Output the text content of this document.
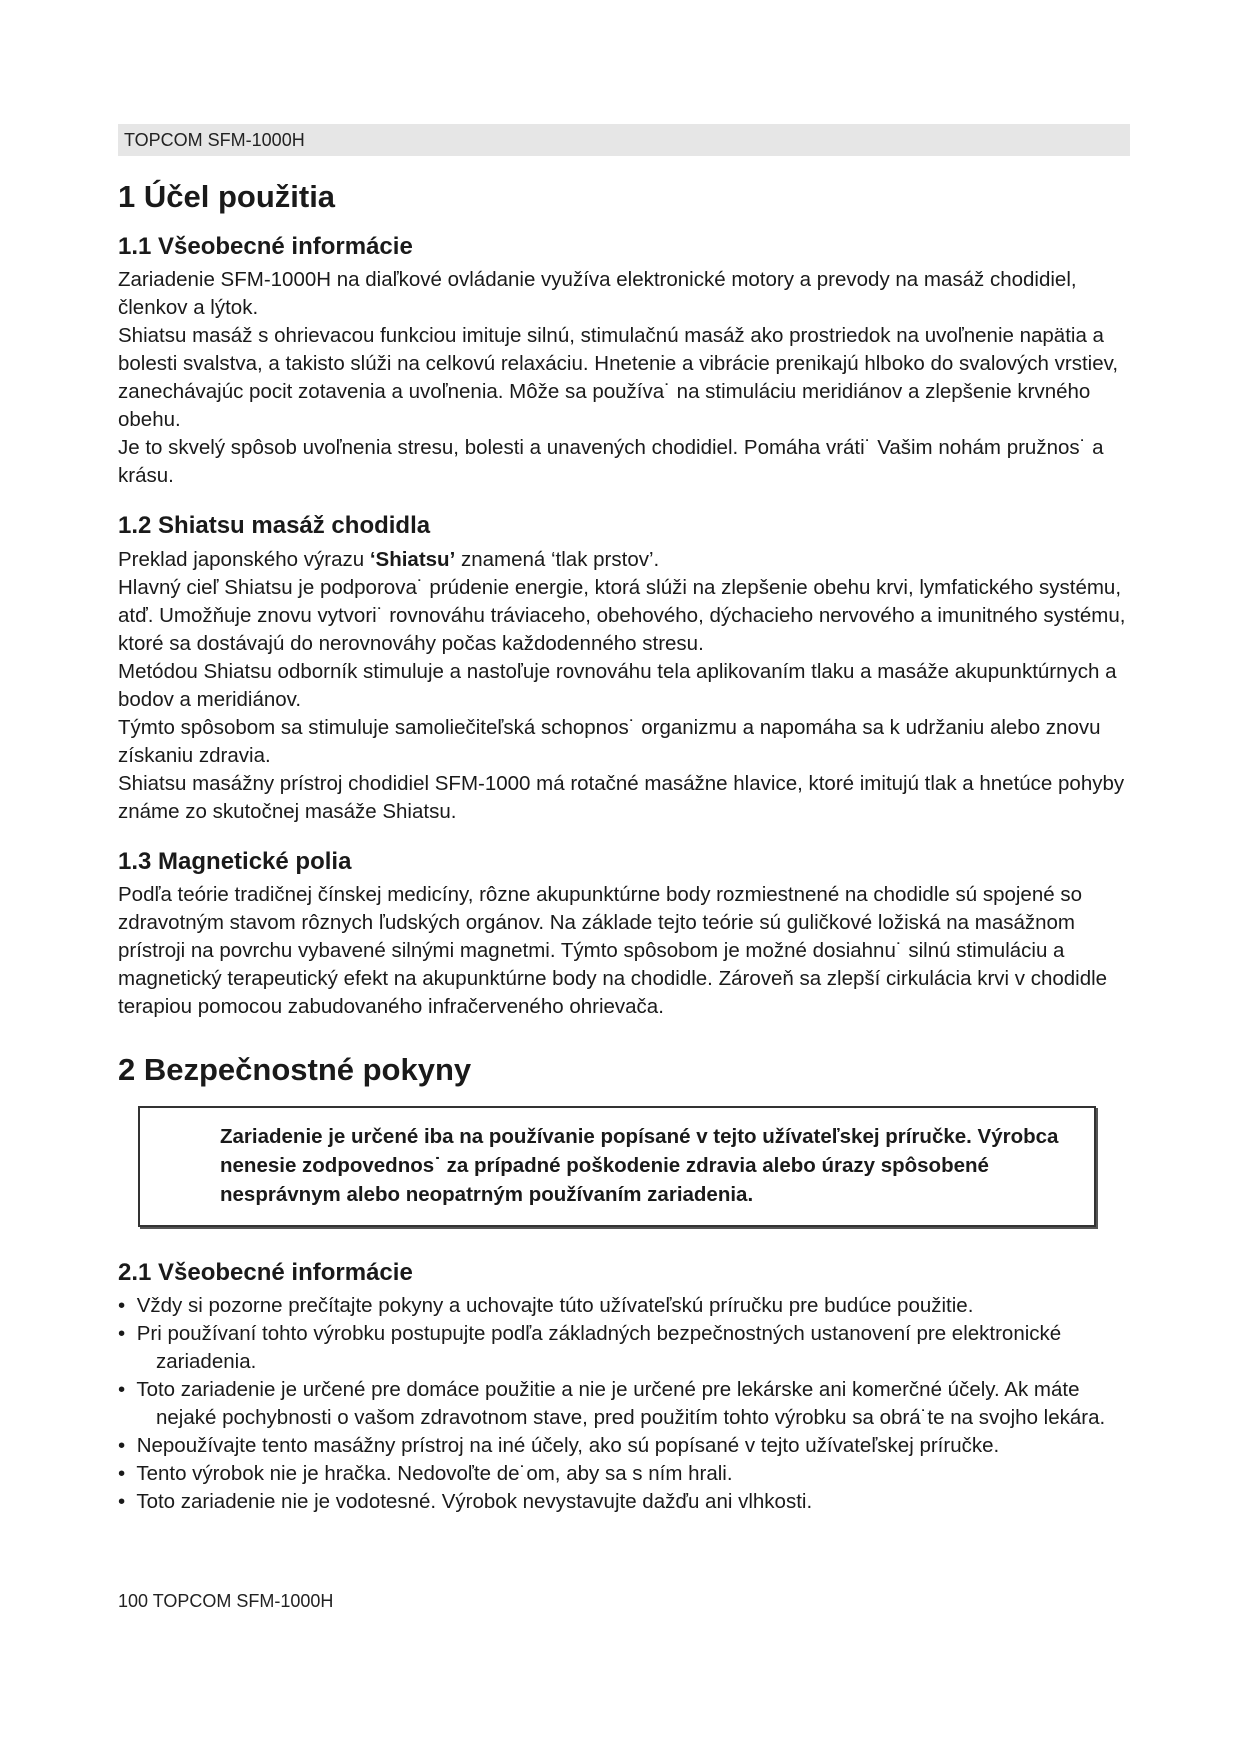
TOPCOM SFM-1000H
1 Účel použitia
1.1 Všeobecné informácie

Zariadenie SFM-1000H na diaľkové ovládanie využíva elektronické motory a prevody na masáž chodidiel, členkov a lýtok.

Shiatsu masáž s ohrievacou funkciou imituje silnú, stimulačnú masáž ako prostriedok na uvoľnenie napätia a bolesti svalstva, a takisto slúži na celkovú relaxáciu. Hnetenie a vibrácie prenikajú hlboko do svalových vrstiev, zanechávajúc pocit zotavenia a uvoľnenia. Môže sa používa˙ na stimuláciu meridiánov a zlepšenie krvného obehu.

Je to skvelý spôsob uvoľnenia stresu, bolesti a unavených chodidiel. Pomáha vráti˙ Vašim nohám pružnos˙ a krásu.

1.2 Shiatsu masáž chodidla

Preklad japonského výrazu ‘Shiatsu’ znamená ‘tlak prstov’.

Hlavný cieľ Shiatsu je podporova˙ prúdenie energie, ktorá slúži na zlepšenie obehu krvi, lymfatického systému, atď. Umožňuje znovu vytvori˙ rovnováhu tráviaceho, obehového, dýchacieho nervového a imunitného systému, ktoré sa dostávajú do nerovnováhy počas každodenného stresu.

Metódou Shiatsu odborník stimuluje a nastoľuje rovnováhu tela aplikovaním tlaku a masáže akupunktúrnych a bodov a meridiánov.

Týmto spôsobom sa stimuluje samoliečiteľská schopnos˙ organizmu a napomáha sa k udržaniu alebo znovu získaniu zdravia.

Shiatsu masážny prístroj chodidiel SFM-1000 má rotačné masážne hlavice, ktoré imitujú tlak a hnetúce pohyby známe zo skutočnej masáže Shiatsu.

1.3 Magnetické polia

Podľa teórie tradičnej čínskej medicíny, rôzne akupunktúrne body rozmiestnené na chodidle sú spojené so zdravotným stavom rôznych ľudských orgánov. Na základe tejto teórie sú guličkové ložiská na masážnom prístroji na povrchu vybavené silnými magnetmi. Týmto spôsobom je možné dosiahnu˙ silnú stimuláciu a magnetický terapeutický efekt na akupunktúrne body na chodidle. Zároveň sa zlepší cirkulácia krvi v chodidle terapiou pomocou zabudovaného infračerveného ohrievača.

2 Bezpečnostné pokyny

Zariadenie je určené iba na používanie popísané v tejto užívateľskej príručke. Výrobca nenesie zodpovednos˙ za prípadné poškodenie zdravia alebo úrazy spôsobené nesprávnym alebo neopatrným používaním zariadenia.

2.1 Všeobecné informácie
• Vždy si pozorne prečítajte pokyny a uchovajte túto užívateľskú príručku pre budúce použitie.
• Pri používaní tohto výrobku postupujte podľa základných bezpečnostných ustanovení pre elektronické zariadenia.
• Toto zariadenie je určené pre domáce použitie a nie je určené pre lekárske ani komerčné účely. Ak máte nejaké pochybnosti o vašom zdravotnom stave, pred použitím tohto výrobku sa obrá˙te na svojho lekára.
• Nepoužívajte tento masážny prístroj na iné účely, ako sú popísané v tejto užívateľskej príručke.
• Tento výrobok nie je hračka. Nedovoľte de˙om, aby sa s ním hrali.
• Toto zariadenie nie je vodotesné. Výrobok nevystavujte dažďu ani vlhkosti.
100 TOPCOM SFM-1000H
